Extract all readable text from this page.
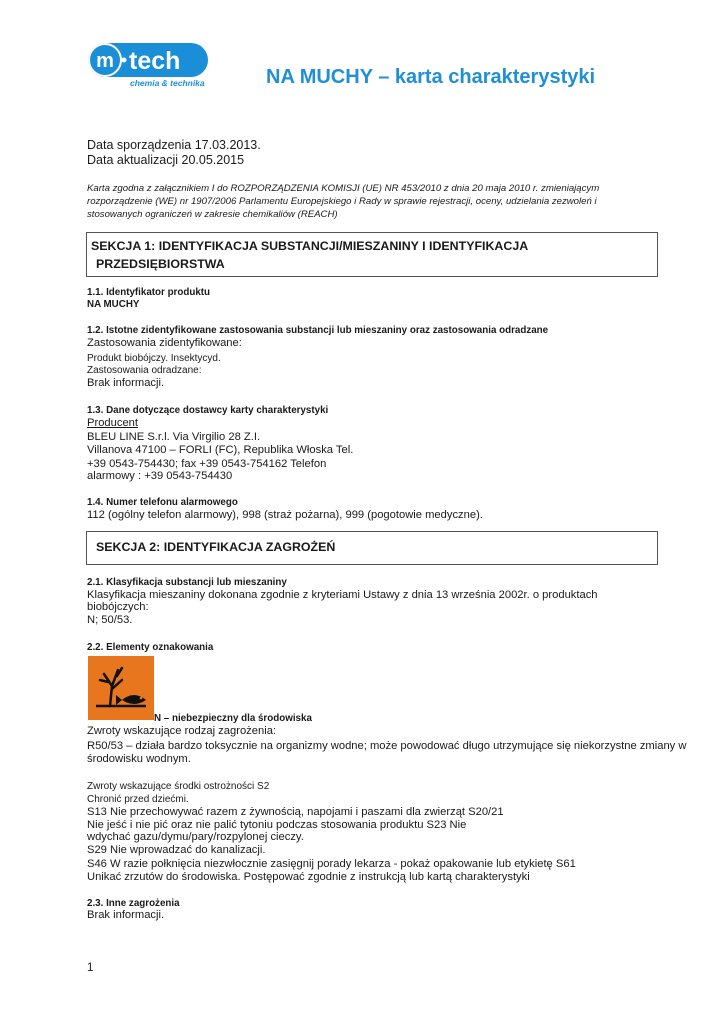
m tech
chemia & technika	NA MUCHY – karta charakterystyki
Data sporządzenia 17.03.2013.
Data aktualizacji 20.05.2015
Karta zgodna z załącznikiem I do ROZPORZĄDZENIA KOMISJI (UE) NR 453/2010 z dnia 20 maja 2010 r. zmieniającym
rozporządzenie (WE) nr 1907/2006 Parlamentu Europejskiego i Rady w sprawie rejestracji, oceny, udzielania zezwoleń i
stosowanych ograniczeń w zakresie chemikaliów (REACH)
SEKCJA 1: IDENTYFIKACJA SUBSTANCJI/MIESZANINY I IDENTYFIKACJA
PRZEDSIĘBIORSTWA
1.1. Identyfikator produktu
NA MUCHY
1.2. Istotne zidentyfikowane zastosowania substancji lub mieszaniny oraz zastosowania odradzane
Zastosowania zidentyfikowane:
Produkt biobójczy. Insektycyd.
Zastosowania odradzane:
Brak informacji.
1.3. Dane dotyczące dostawcy karty charakterystyki
Producent
BLEU LINE S.r.l. Via Virgilio 28 Z.I.
Villanova 47100 – FORLI (FC), Republika Włoska Tel.
+39 0543-754430; fax +39 0543-754162 Telefon
alarmowy : +39 0543-754430
1.4. Numer telefonu alarmowego
112 (ogólny telefon alarmowy), 998 (straż pożarna), 999 (pogotowie medyczne).
SEKCJA 2: IDENTYFIKACJA ZAGROŻEŃ
2.1. Klasyfikacja substancji lub mieszaniny
Klasyfikacja mieszaniny dokonana zgodnie z kryteriami Ustawy z dnia 13 września 2002r. o produktach
biobójczych:
N; 50/53.
2.2. Elementy oznakowania
N – niebezpieczny dla środowiska
Zwroty wskazujące rodzaj zagrożenia:
R50/53 – działa bardzo toksycznie na organizmy wodne; może powodować długo utrzymujące się niekorzystne zmiany w
środowisku wodnym.
Zwroty wskazujące środki ostrożności S2
Chronić przed dziećmi.
S13 Nie przechowywać razem z żywnością, napojami i paszami dla zwierząt S20/21
Nie jeść i nie pić oraz nie palić tytoniu podczas stosowania produktu S23 Nie
wdychać gazu/dymu/pary/rozpylonej cieczy.
S29 Nie wprowadzać do kanalizacji.
S46 W razie połknięcia niezwłocznie zasięgnij porady lekarza - pokaż opakowanie lub etykietę S61
Unikać zrzutów do środowiska. Postępować zgodnie z instrukcją lub kartą charakterystyki
2.3. Inne zagrożenia
Brak informacji.
1
